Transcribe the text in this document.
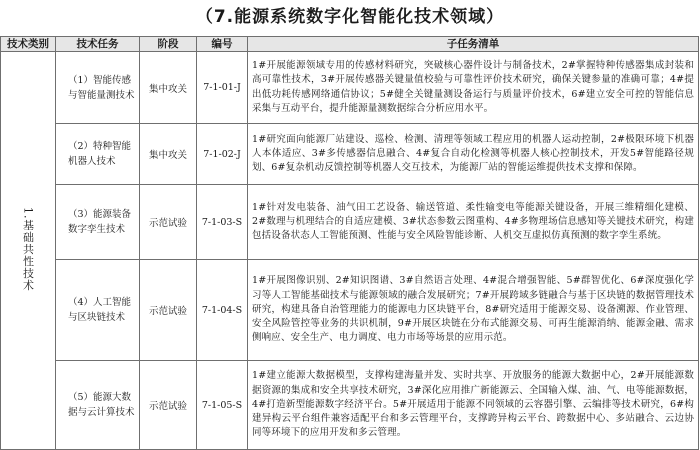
（7.能源系统数字化智能化技术领域）
技术类别	技术任务	阶段	编号	子任务清单
1.基础共性技术	（1）智能传感与智能量测技术	集中攻关	7-1-01-J	1#开展能源领域专用的传感材料研究，突破核心器件设计与制备技术，2#掌握特种传感器集成封装和高可靠性技术，3#开展传感器关键量值校验与可靠性评价技术研究，确保关键参量的准确可靠；4#提出低功耗传感网络通信协议；5#健全关键量测设备运行与质量评价技术，6#建立安全可控的智能信息采集与互动平台，提升能源量测数据综合分析应用水平。
	（2）特种智能机器人技术	集中攻关	7-1-02-J	1#研究面向能源厂站建设、巡检、检测、清理等领域工程应用的机器人运动控制，2#极限环境下机器人本体适应、3#多传感器信息融合、4#复合自动化检测等机器人核心控制技术，开发5#智能路径规划、6#复杂机动反馈控制等机器人交互技术，为能源厂站的智能运维提供技术支撑和保障。
	（3）能源装备数字孪生技术	示范试验	7-1-03-S	1#针对发电装备、油气田工艺设备、输送管道、柔性输变电等能源关键设备，开展三维精细化建模、2#数理与机理结合的自适应建模、3#状态参数云图重构、4#多物理场信息感知等关键技术研究，构建包括设备状态人工智能预测、性能与安全风险智能诊断、人机交互虚拟仿真预测的数字孪生系统。
	（4）人工智能与区块链技术	示范试验	7-1-04-S	1#开展图像识别、2#知识图谱、3#自然语言处理、4#混合增强智能、5#群智优化、6#深度强化学习等人工智能基础技术与能源领域的融合发展研究；7#开展跨域多链融合与基于区块链的数据管理技术研究，构建具备自治管理能力的能源电力区块链平台，8#研究适用于能源交易、设备溯源、作业管理、安全风险管控等业务的共识机制，9#开展区块链在分布式能源交易、可再生能源消纳、能源金融、需求侧响应、安全生产、电力调度、电力市场等场景的应用示范。
	（5）能源大数据与云计算技术	示范试验	7-1-05-S	1#建立能源大数据模型，支撑构建海量并发、实时共享、开放服务的能源大数据中心，2#开展能源数据资源的集成和安全共享技术研究，3#深化应用推广新能源云、全国输入煤、油、气、电等能源数据，4#打造新型能源数字经济平台。5#开展适用于能源不同领域的云容器引擎、云编排等技术研究，6#构建异构云平台组件兼容适配平台和多云管理平台，支撑跨异构云平台、跨数据中心、多站融合、云边协同等环境下的应用开发和多云管理。
